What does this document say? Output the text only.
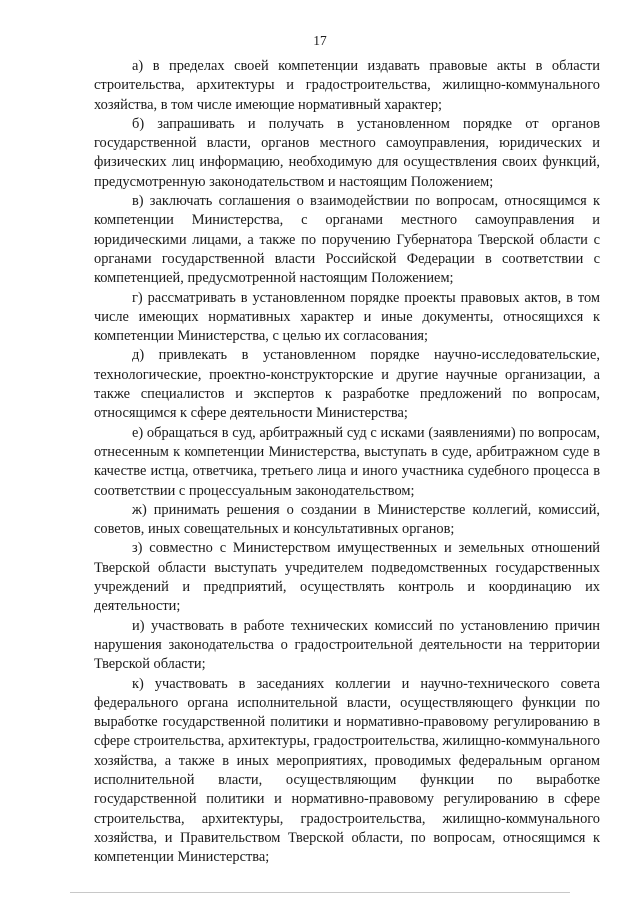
17

а) в пределах своей компетенции издавать правовые акты в области строительства, архитектуры и градостроительства, жилищно-коммунального хозяйства, в том числе имеющие нормативный характер;

б) запрашивать и получать в установленном порядке от органов государственной власти, органов местного самоуправления, юридических и физических лиц информацию, необходимую для осуществления своих функций, предусмотренную законодательством и настоящим Положением;

в) заключать соглашения о взаимодействии по вопросам, относящимся к компетенции Министерства, с органами местного самоуправления и юридическими лицами, а также по поручению Губернатора Тверской области с органами государственной власти Российской Федерации в соответствии с компетенцией, предусмотренной настоящим Положением;

г) рассматривать в установленном порядке проекты правовых актов, в том числе имеющих нормативных характер и иные документы, относящихся к компетенции Министерства, с целью их согласования;

д) привлекать в установленном порядке научно-исследовательские, технологические, проектно-конструкторские и другие научные организации, а также специалистов и экспертов к разработке предложений по вопросам, относящимся к сфере деятельности Министерства;

е) обращаться в суд, арбитражный суд с исками (заявлениями) по вопросам, отнесенным к компетенции Министерства, выступать в суде, арбитражном суде в качестве истца, ответчика, третьего лица и иного участника судебного процесса в соответствии с процессуальным законодательством;

ж) принимать решения о создании в Министерстве коллегий, комиссий, советов, иных совещательных и консультативных органов;

з) совместно с Министерством имущественных и земельных отношений Тверской области выступать учредителем подведомственных государственных учреждений и предприятий, осуществлять контроль и координацию их деятельности;

и) участвовать в работе технических комиссий по установлению причин нарушения законодательства о градостроительной деятельности на территории Тверской области;

к) участвовать в заседаниях коллегии и научно-технического совета федерального органа исполнительной власти, осуществляющего функции по выработке государственной политики и нормативно-правовому регулированию в сфере строительства, архитектуры, градостроительства, жилищно-коммунального хозяйства, а также в иных мероприятиях, проводимых федеральным органом исполнительной власти, осуществляющим функции по выработке государственной политики и нормативно-правовому регулированию в сфере строительства, архитектуры, градостроительства, жилищно-коммунального хозяйства, и Правительством Тверской области, по вопросам, относящимся к компетенции Министерства;
